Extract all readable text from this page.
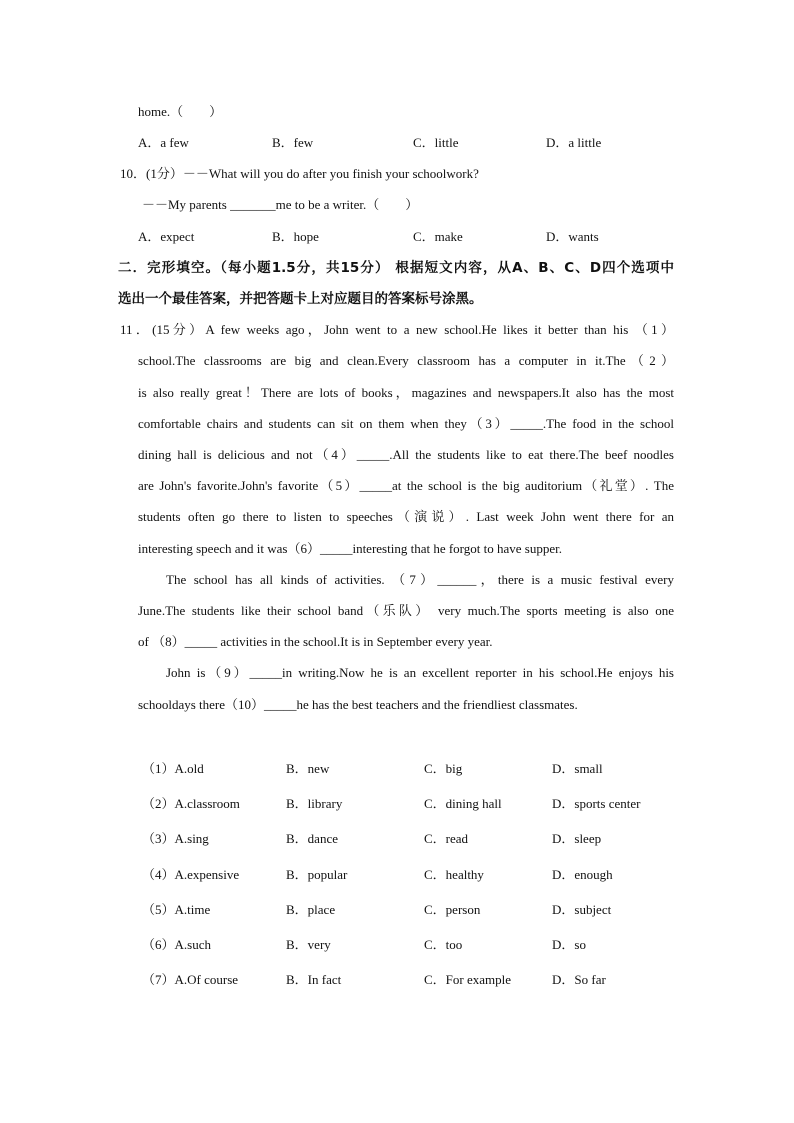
home.（　　）
A．a few	B．few	C．little	D．a little
10．(1分）－－What will you do after you finish your schoolwork?
－－My parents _______me to be a writer.（　　）
A．expect	B．hope	C．make	D．wants
二．完形填空。（每小题1.5分，共15分） 根据短文内容，从A、B、C、D四个选项中
选出一个最佳答案，并把答题卡上对应题目的答案标号涂黑。
11．(15分）A few weeks ago，John went to a new school.He likes it better than his （1）
school.The classrooms are big and clean.Every classroom has a computer in it.The（2）
is also really great！There are lots of books，magazines and newspapers.It also has the most
comfortable chairs and students can sit on them when they（3）_____.The food in the school
dining hall is delicious and not（4）_____.All the students like to eat there.The beef noodles
are John's favorite.John's favorite（5）_____at the school is the big auditorium（礼堂）. The
students often go there to listen to speeches（演说）. Last week John went there for an
interesting speech and it was（6）_____interesting that he forgot to have supper.
The school has all kinds of activities. （7）______，there is a music festival every
June.The students like their school band（乐队） very much.The sports meeting is also one
of （8）_____ activities in the school.It is in September every year.
John is（9）_____in writing.Now he is an excellent reporter in his school.He enjoys his
schooldays there（10）_____he has the best teachers and the friendliest classmates.
（1）A.old	B．new	C．big	D．small
（2）A.classroom	B．library	C．dining hall	D．sports center
（3）A.sing	B．dance	C．read	D．sleep
（4）A.expensive	B．popular	C．healthy	D．enough
（5）A.time	B．place	C．person	D．subject
（6）A.such	B．very	C．too	D．so
（7）A.Of course	B．In fact	C．For example	D．So far
